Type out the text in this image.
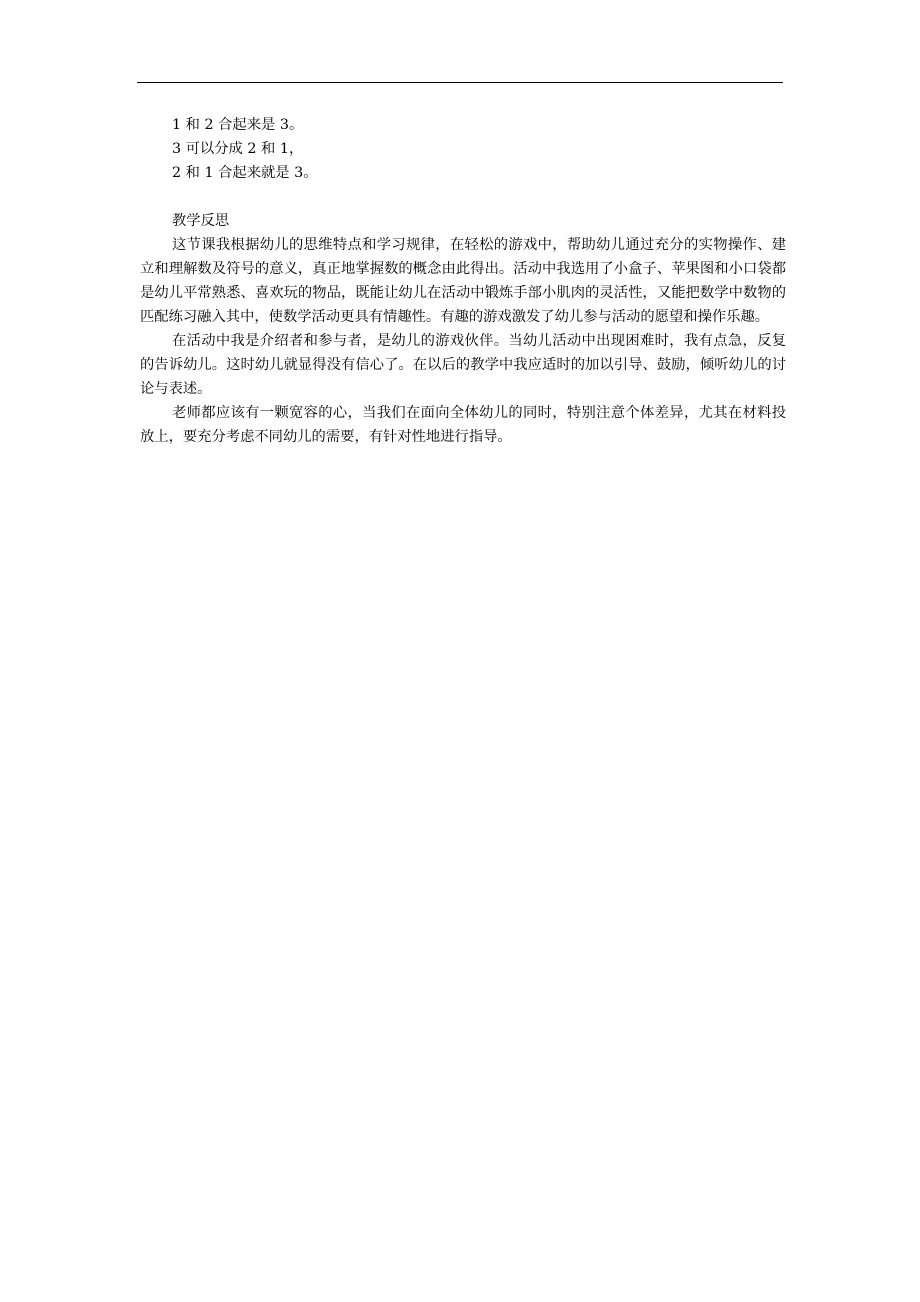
1 和 2 合起来是 3。

3 可以分成 2 和 1，

2 和 1 合起来就是 3。

教学反思

这节课我根据幼儿的思维特点和学习规律，在轻松的游戏中，帮助幼儿通过充分的实物操作、建立和理解数及符号的意义，真正地掌握数的概念由此得出。活动中我选用了小盒子、苹果图和小口袋都是幼儿平常熟悉、喜欢玩的物品，既能让幼儿在活动中锻炼手部小肌肉的灵活性，又能把数学中数物的匹配练习融入其中，使数学活动更具有情趣性。有趣的游戏激发了幼儿参与活动的愿望和操作乐趣。

在活动中我是介绍者和参与者，是幼儿的游戏伙伴。当幼儿活动中出现困难时，我有点急，反复的告诉幼儿。这时幼儿就显得没有信心了。在以后的教学中我应适时的加以引导、鼓励，倾听幼儿的讨论与表述。

老师都应该有一颗宽容的心，当我们在面向全体幼儿的同时，特别注意个体差异，尤其在材料投放上，要充分考虑不同幼儿的需要，有针对性地进行指导。
